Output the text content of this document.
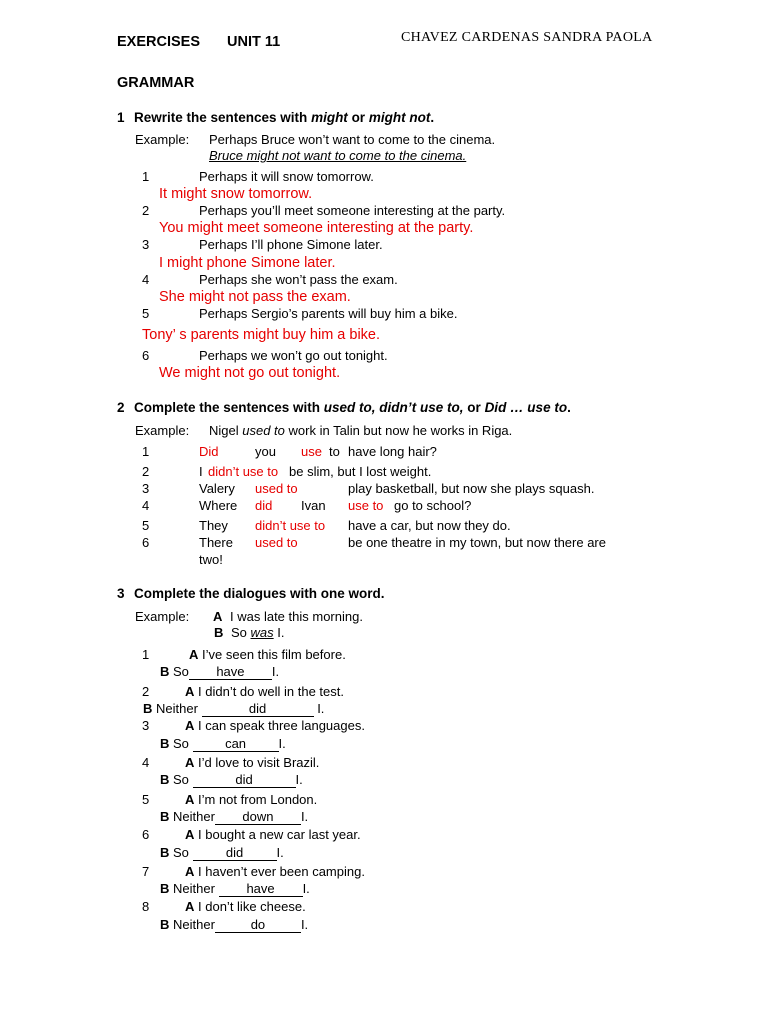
EXERCISES UNIT 11	CHAVEZ CARDENAS SANDRA PAOLA
GRAMMAR
1 Rewrite the sentences with might or might not.
Example: Perhaps Bruce won’t want to come to the cinema.
Bruce might not want to come to the cinema.
1	Perhaps it will snow tomorrow.
It might snow tomorrow.
2	Perhaps you’ll meet someone interesting at the party.
You might meet someone interesting at the party.
3	Perhaps I’ll phone Simone later.
I might phone Simone later.
4	Perhaps she won’t pass the exam.
She might not pass the exam.
5	Perhaps Sergio’s parents will buy him a bike.
Tony’ s parents might buy him a bike.
6	Perhaps we won’t go out tonight.
We might not go out tonight.
2 Complete the sentences with used to, didn’t use to, or Did … use to.
Example: Nigel used to work in Talin but now he works in Riga.
1	Did	you use to have long hair?
2	I didn’t use to be slim, but I lost weight.
3	Valery used to	play basketball, but now she plays squash.
4	Where did Ivan use to go to school?
5	They didn’t use to have a car, but now they do.
6	There used to	be one theatre in my town, but now there are
two!
3 Complete the dialogues with one word.
Example: A I was late this morning.
B So was I.
1	A I’ve seen this film before.
B So have I.
2	A I didn’t do well in the test.
B Neither	did	I.
3	A I can speak three languages.
B So	can	I.
4	A I’d love to visit Brazil.
B So	did	I.
5	A I’m not from London.
B Neither down I.
6	A I bought a new car last year.
B So	did	I.
7	A I haven’t ever been camping.
B Neither have I.
8	A I don’t like cheese.
B Neither	do	I.
